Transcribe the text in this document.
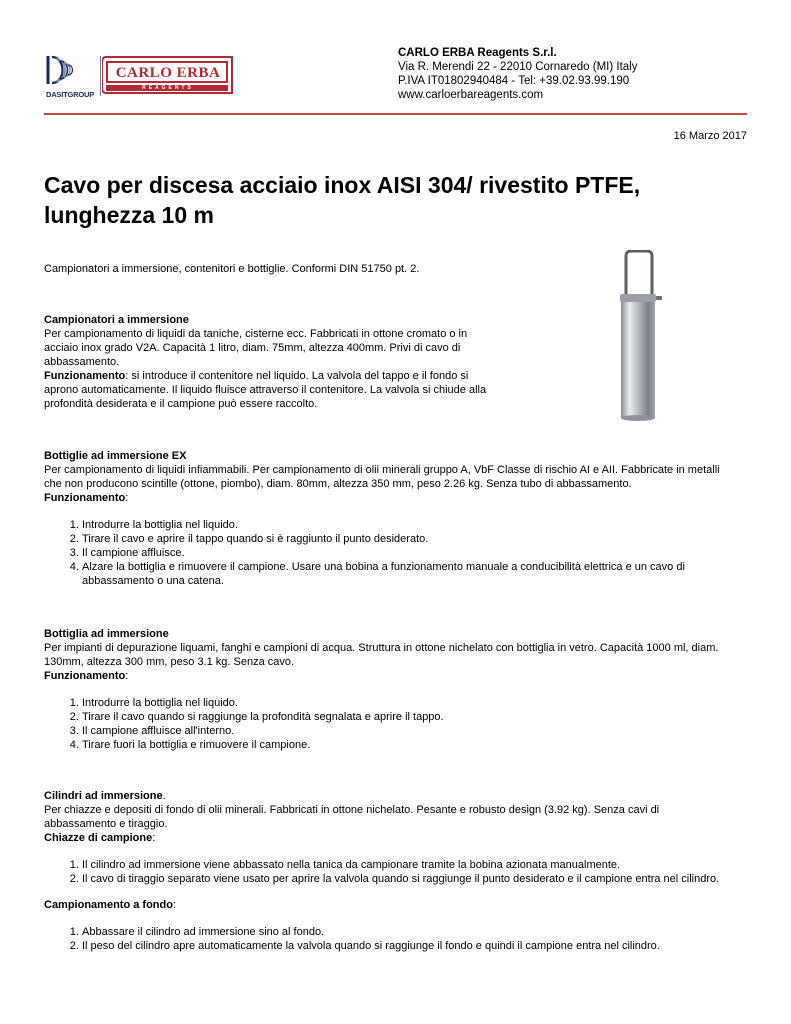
DASITGROUP
CARLO ERBA
REAGENTS
CARLO ERBA Reagents S.r.l.
Via R. Merendi 22 - 22010 Cornaredo (MI) Italy
P.IVA IT01802940484 - Tel: +39.02.93.99.190
www.carloerbareagents.com
16 Marzo 2017
Cavo per discesa acciaio inox AISI 304/ rivestito PTFE,
lunghezza 10 m
Campionatori a immersione, contenitori e bottiglie. Conformi DIN 51750 pt. 2.

Campionatori a immersione

Per campionamento di liquidi da taniche, cisterne ecc. Fabbricati in ottone cromato o in acciaio inox grado V2A. Capacità 1 litro, diam. 75mm, altezza 400mm. Privi di cavo di abbassamento.

Funzionamento: si introduce il contenitore nel liquido. La valvola del tappo e il fondo si aprono automaticamente. Il liquido fluisce attraverso il contenitore. La valvola si chiude alla profondità desiderata e il campione può essere raccolto.

Bottiglie ad immersione EX

Per campionamento di liquidi infiammabili. Per campionamento di olii minerali gruppo A, VbF Classe di rischio AI e AII. Fabbricate in metalli che non producono scintille (ottone, piombo), diam. 80mm, altezza 350 mm, peso 2.26 kg. Senza tubo di abbassamento.

Funzionamento:

1. Introdurre la bottiglia nel liquido.
2. Tirare il cavo e aprire il tappo quando si è raggiunto il punto desiderato.
3. Il campione affluisce.
4. Alzare la bottiglia e rimuovere il campione. Usare una bobina a funzionamento manuale a conducibilità elettrica e un cavo di abbassamento o una catena.

Bottiglia ad immersione

Per impianti di depurazione liquami, fanghi e campioni di acqua. Struttura in ottone nichelato con bottiglia in vetro. Capacità 1000 ml, diam. 130mm, altezza 300 mm, peso 3.1 kg. Senza cavo.

Funzionamento:

1. Introdurre la bottiglia nel liquido.
2. Tirare il cavo quando si raggiunge la profondità segnalata e aprire il tappo.
3. Il campione affluisce all'interno.
4. Tirare fuori la bottiglia e rimuovere il campione.

Cilindri ad immersione.

Per chiazze e depositi di fondo di olii minerali. Fabbricati in ottone nichelato. Pesante e robusto design (3.92 kg). Senza cavi di abbassamento e tiraggio.

Chiazze di campione:

1. Il cilindro ad immersione viene abbassato nella tanica da campionare tramite la bobina azionata manualmente.
2. Il cavo di tiraggio separato viene usato per aprire la valvola quando si raggiunge il punto desiderato e il campione entra nel cilindro.

Campionamento a fondo:

1. Abbassare il cilindro ad immersione sino al fondo.
2. Il peso del cilindro apre automaticamente la valvola quando si raggiunge il fondo e quindi il campione entra nel cilindro.
